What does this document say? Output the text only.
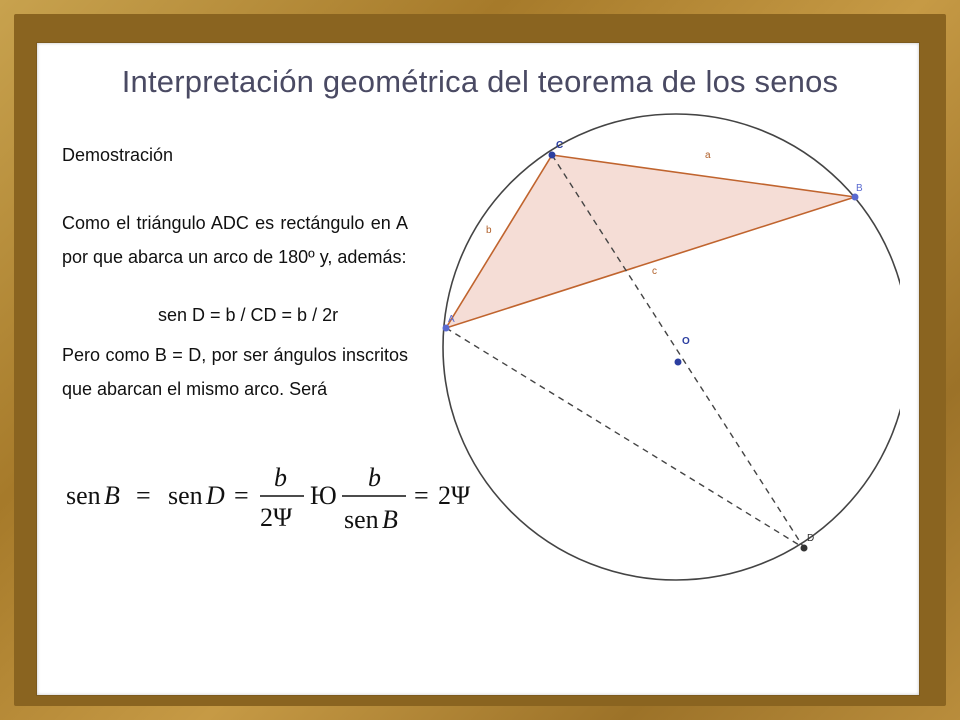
Interpretación geométrica del teorema de los senos
Demostración
Como el triángulo ADC es rectángulo en A por que abarca un arco de 180º y, además:
sen D = b / CD = b / 2r
Pero como B = D, por ser ángulos inscritos que abarcan el mismo arco. Será
sen B = sen D =
b
2Ψ
Ю
b
sen B
= 2Ψ
C
B
A
O
D
a
b
c
